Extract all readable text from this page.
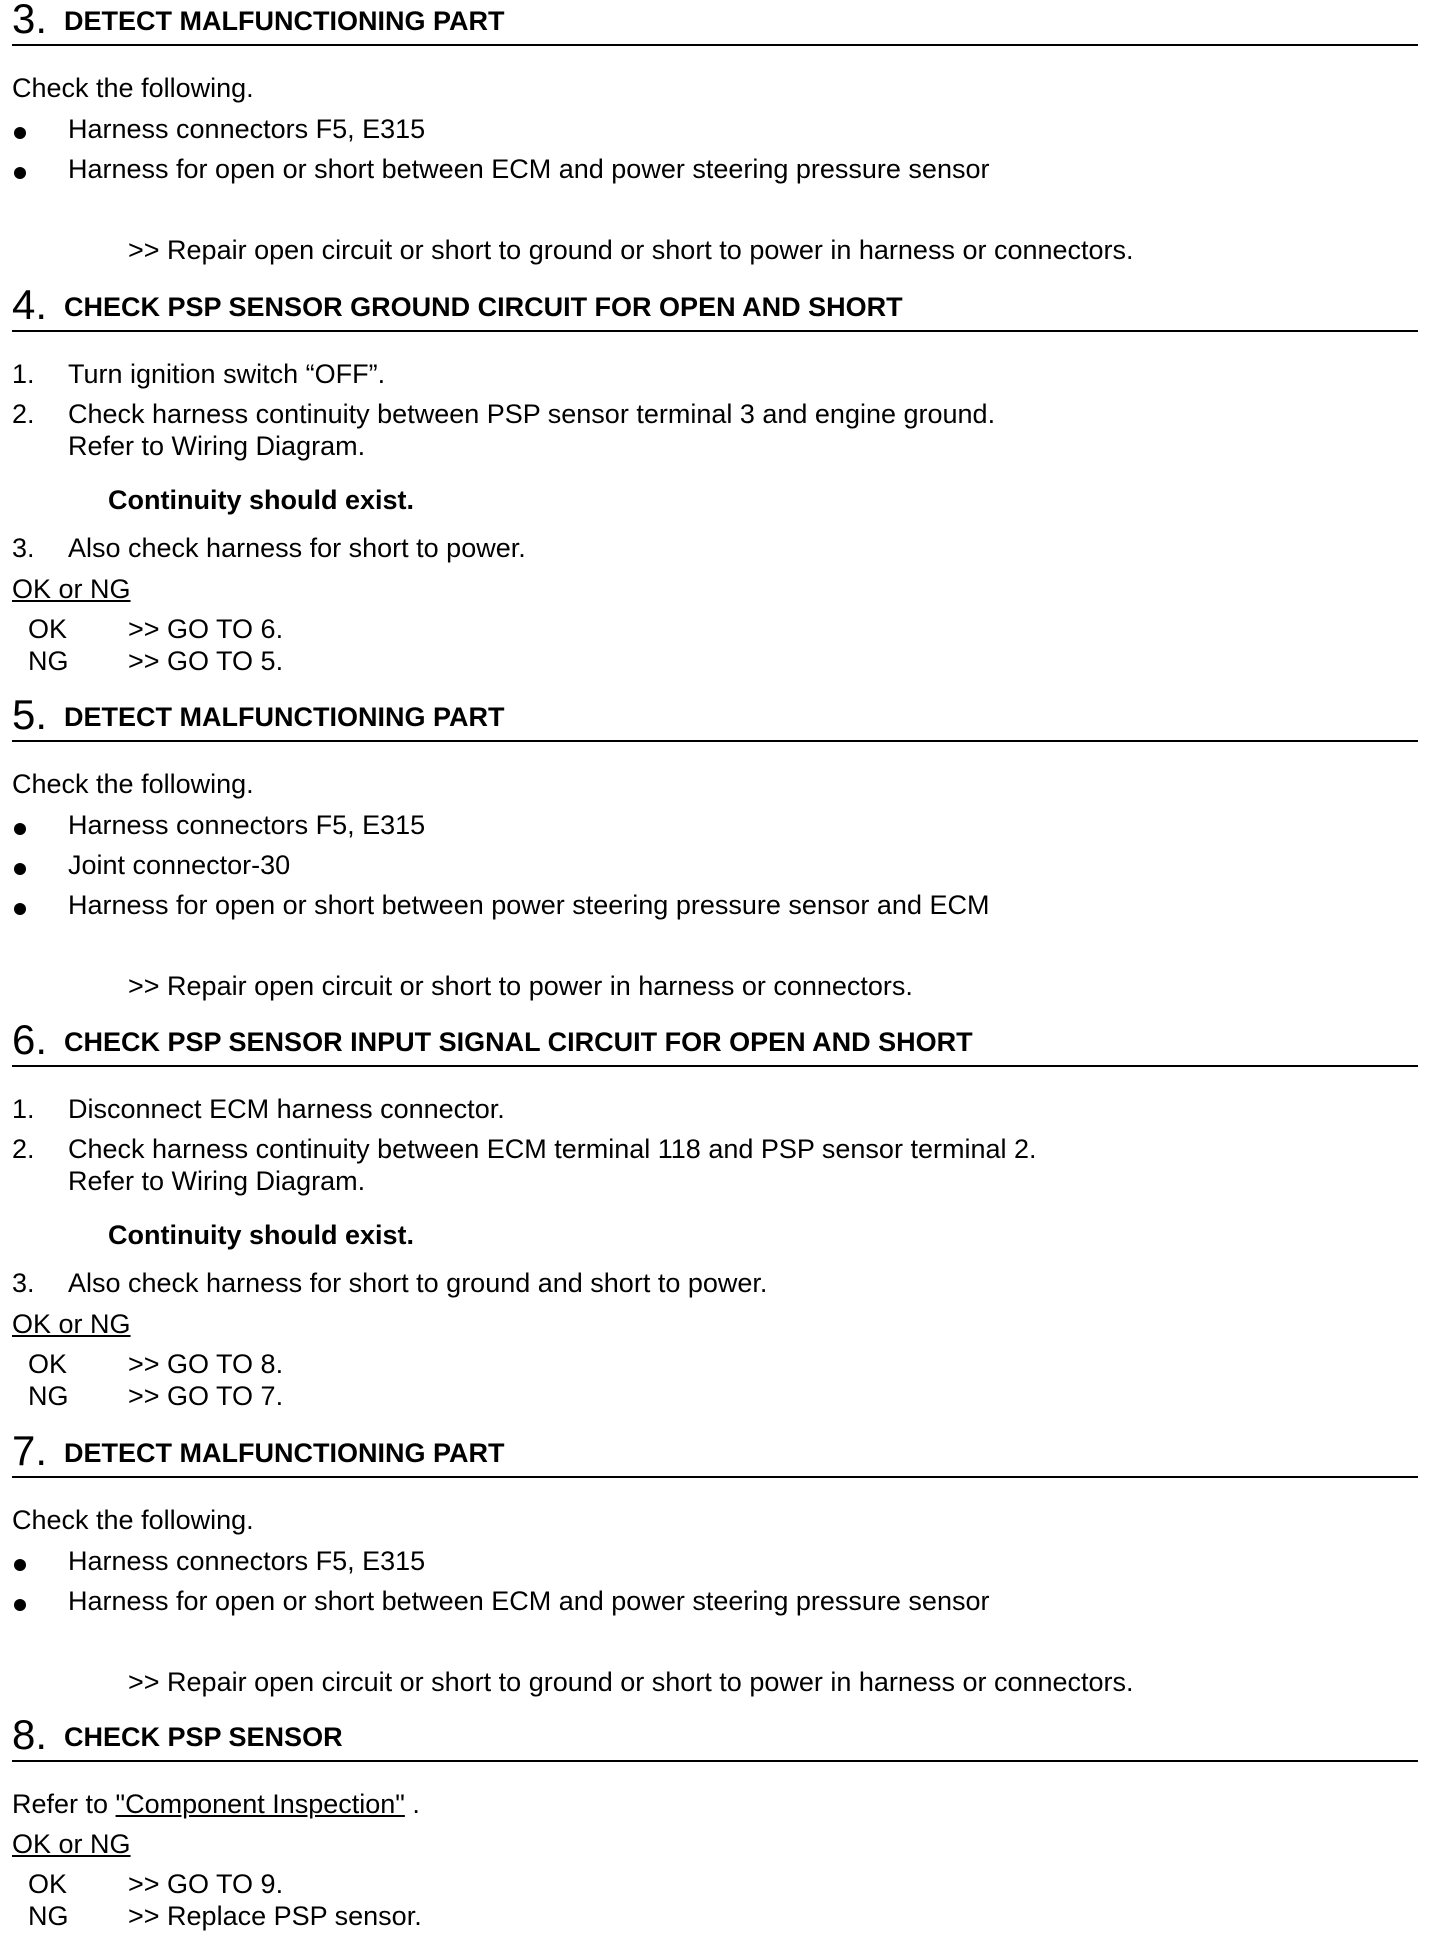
3. DETECT MALFUNCTIONING PART
Check the following.
Harness connectors F5, E315
Harness for open or short between ECM and power steering pressure sensor
>> Repair open circuit or short to ground or short to power in harness or connectors.
4. CHECK PSP SENSOR GROUND CIRCUIT FOR OPEN AND SHORT
1. Turn ignition switch “OFF”.
2. Check harness continuity between PSP sensor terminal 3 and engine ground.
Refer to Wiring Diagram.
Continuity should exist.
3. Also check harness for short to power.
OK or NG
OK >> GO TO 6.
NG >> GO TO 5.
5. DETECT MALFUNCTIONING PART
Check the following.
Harness connectors F5, E315
Joint connector-30
Harness for open or short between power steering pressure sensor and ECM
>> Repair open circuit or short to power in harness or connectors.
6. CHECK PSP SENSOR INPUT SIGNAL CIRCUIT FOR OPEN AND SHORT
1. Disconnect ECM harness connector.
2. Check harness continuity between ECM terminal 118 and PSP sensor terminal 2.
Refer to Wiring Diagram.
Continuity should exist.
3. Also check harness for short to ground and short to power.
OK or NG
OK >> GO TO 8.
NG >> GO TO 7.
7. DETECT MALFUNCTIONING PART
Check the following.
Harness connectors F5, E315
Harness for open or short between ECM and power steering pressure sensor
>> Repair open circuit or short to ground or short to power in harness or connectors.
8. CHECK PSP SENSOR
Refer to "Component Inspection" .
OK or NG
OK >> GO TO 9.
NG >> Replace PSP sensor.
